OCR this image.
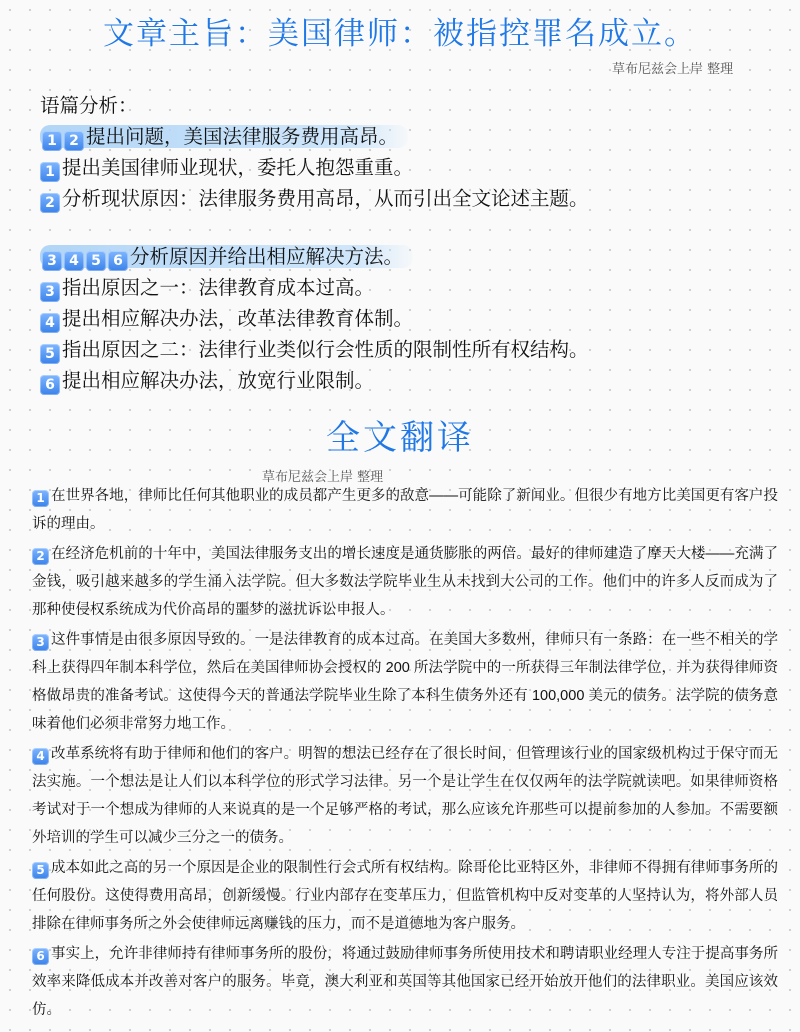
文章主旨：美国律师：被指控罪名成立。
草布尼兹会上岸 整理
语篇分析：
1 2 提出问题，美国法律服务费用高昂。
1 提出美国律师业现状，委托人抱怨重重。
2 分析现状原因：法律服务费用高昂，从而引出全文论述主题。
3 4 5 6 分析原因并给出相应解决方法。
3 指出原因之一：法律教育成本过高。
4 提出相应解决办法，改革法律教育体制。
5 指出原因之二：法律行业类似行会性质的限制性所有权结构。
6 提出相应解决办法，放宽行业限制。
全文翻译
草布尼兹会上岸 整理

1 在世界各地，律师比任何其他职业的成员都产生更多的敌意——可能除了新闻业。但很少有地方比美国更有客户投诉的理由。

2 在经济危机前的十年中，美国法律服务支出的增长速度是通货膨胀的两倍。最好的律师建造了摩天大楼——充满了金钱，吸引越来越多的学生涌入法学院。但大多数法学院毕业生从未找到大公司的工作。他们中的许多人反而成为了那种使侵权系统成为代价高昂的噩梦的滋扰诉讼申报人。

3 这件事情是由很多原因导致的。一是法律教育的成本过高。在美国大多数州，律师只有一条路：在一些不相关的学科上获得四年制本科学位，然后在美国律师协会授权的 200 所法学院中的一所获得三年制法律学位，并为获得律师资格做昂贵的准备考试。这使得今天的普通法学院毕业生除了本科生债务外还有 100,000 美元的债务。法学院的债务意味着他们必须非常努力地工作。

4 改革系统将有助于律师和他们的客户。明智的想法已经存在了很长时间，但管理该行业的国家级机构过于保守而无法实施。一个想法是让人们以本科学位的形式学习法律。另一个是让学生在仅仅两年的法学院就读吧。如果律师资格考试对于一个想成为律师的人来说真的是一个足够严格的考试，那么应该允许那些可以提前参加的人参加。不需要额外培训的学生可以减少三分之一的债务。

5 成本如此之高的另一个原因是企业的限制性行会式所有权结构。除哥伦比亚特区外，非律师不得拥有律师事务所的任何股份。这使得费用高昂，创新缓慢。行业内部存在变革压力，但监管机构中反对变革的人坚持认为，将外部人员排除在律师事务所之外会使律师远离赚钱的压力，而不是道德地为客户服务。

6 事实上，允许非律师持有律师事务所的股份，将通过鼓励律师事务所使用技术和聘请职业经理人专注于提高事务所效率来降低成本并改善对客户的服务。毕竟，澳大利亚和英国等其他国家已经开始放开他们的法律职业。美国应该效仿。
